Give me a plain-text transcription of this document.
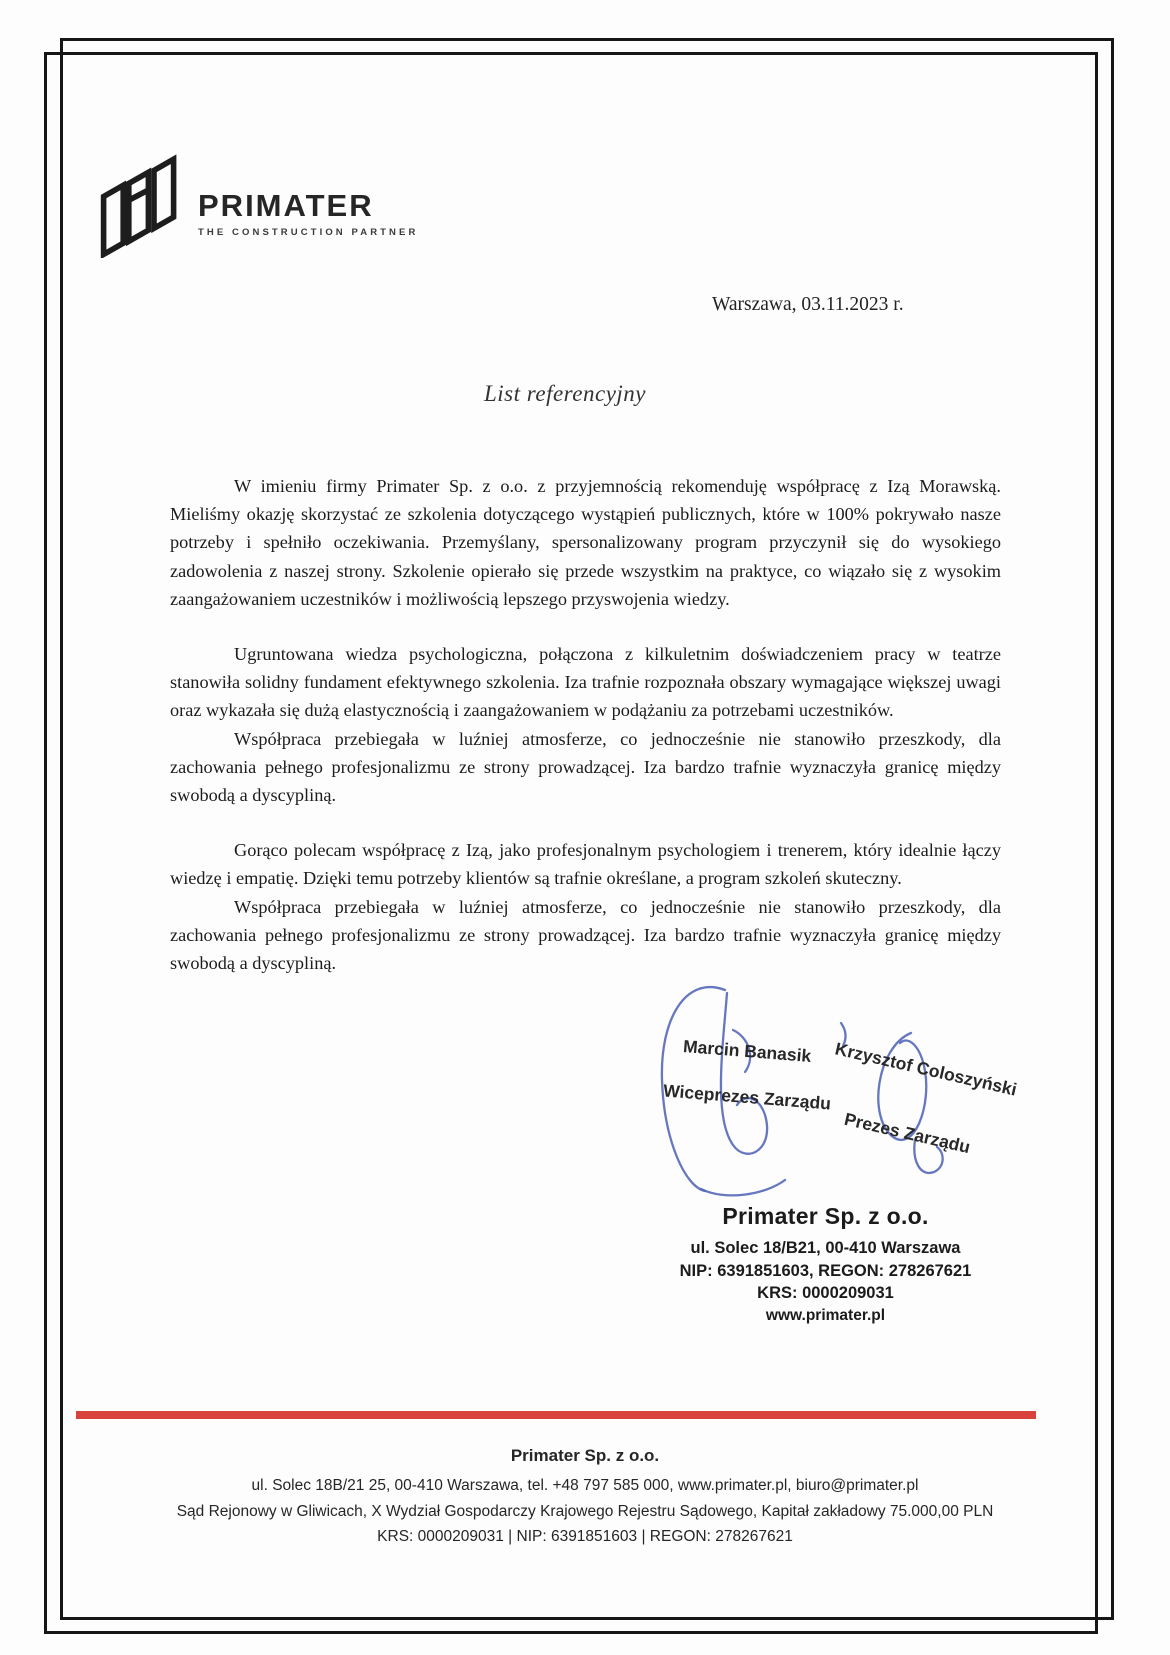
PRIMATER
THE CONSTRUCTION PARTNER
Warszawa, 03.11.2023 r.
List referencyjny

W imieniu firmy Primater Sp. z o.o. z przyjemnością rekomenduję współpracę z Izą Morawską. Mieliśmy okazję skorzystać ze szkolenia dotyczącego wystąpień publicznych, które w 100% pokrywało nasze potrzeby i spełniło oczekiwania. Przemyślany, spersonalizowany program przyczynił się do wysokiego zadowolenia z naszej strony. Szkolenie opierało się przede wszystkim na praktyce, co wiązało się z wysokim zaangażowaniem uczestników i możliwością lepszego przyswojenia wiedzy.

Ugruntowana wiedza psychologiczna, połączona z kilkuletnim doświadczeniem pracy w teatrze stanowiła solidny fundament efektywnego szkolenia. Iza trafnie rozpoznała obszary wymagające większej uwagi oraz wykazała się dużą elastycznością i zaangażowaniem w podążaniu za potrzebami uczestników.

Współpraca przebiegała w luźniej atmosferze, co jednocześnie nie stanowiło przeszkody, dla zachowania pełnego profesjonalizmu ze strony prowadzącej. Iza bardzo trafnie wyznaczyła granicę między swobodą a dyscypliną.

Gorąco polecam współpracę z Izą, jako profesjonalnym psychologiem i trenerem, który idealnie łączy wiedzę i empatię. Dzięki temu potrzeby klientów są trafnie określane, a program szkoleń skuteczny.

Współpraca przebiegała w luźniej atmosferze, co jednocześnie nie stanowiło przeszkody, dla zachowania pełnego profesjonalizmu ze strony prowadzącej. Iza bardzo trafnie wyznaczyła granicę między swobodą a dyscypliną.

Marcin Banasik
Wiceprezes Zarządu Krzysztof Coloszyński
Prezes Zarządu
Primater Sp. z o.o.
ul. Solec 18/B21, 00-410 Warszawa
NIP: 6391851603, REGON: 278267621
KRS: 0000209031
www.primater.pl
Primater Sp. z o.o.
ul. Solec 18B/21 25, 00-410 Warszawa, tel. +48 797 585 000, www.primater.pl, biuro@primater.pl
Sąd Rejonowy w Gliwicach, X Wydział Gospodarczy Krajowego Rejestru Sądowego, Kapitał zakładowy 75.000,00 PLN
KRS: 0000209031 | NIP: 6391851603 | REGON: 278267621
